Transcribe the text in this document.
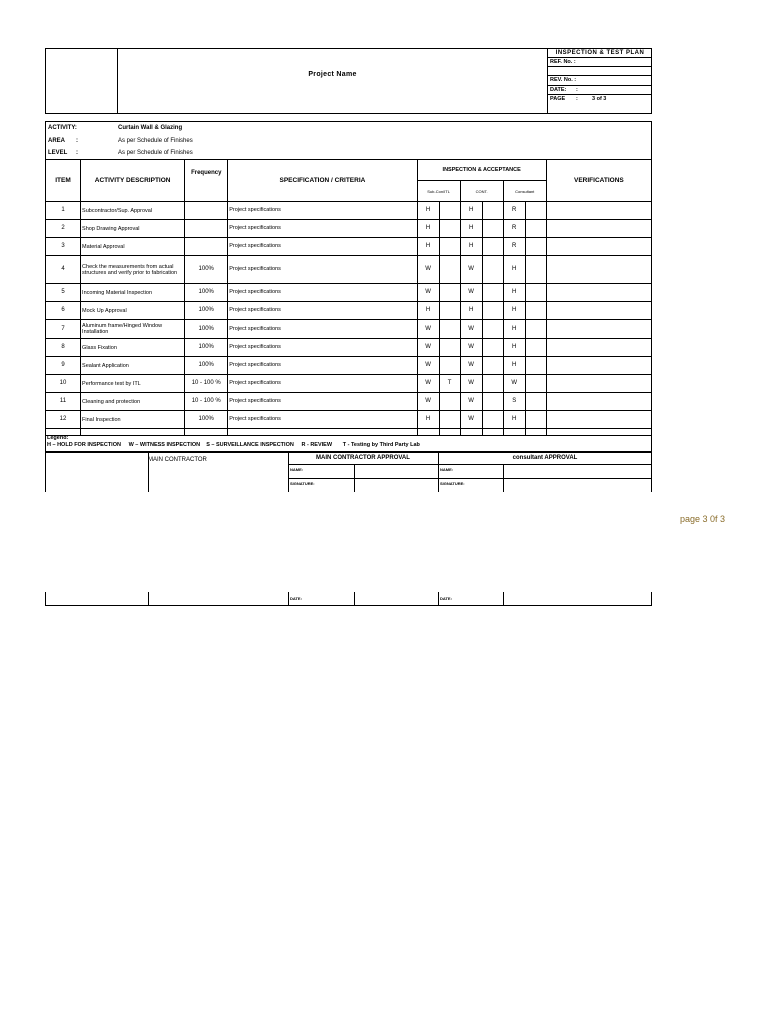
Project Name
INSPECTION & TEST PLAN
REF. No. :
REV. No. :
DATE: :
PAGE :	3 of 3
ACTIVITY:	Curtain Wall & Glazing
AREA :	As per Schedule of Finishes
LEVEL :	As per Schedule of Finishes
ITEM	ACTIVITY DESCRIPTION	Frequency	SPECIFICATION / CRITERIA	INSPECTION & ACCEPTANCE						VERIFICATIONS
				Sub-Con/ITL		CONT.		Consultant		
1	Subcontractor/Sup. Approval		Project specifications	H		H		R		
2	Shop Drawing Approval		Project specifications	H		H		R		
3	Material Approval		Project specifications	H		H		R		
4	Check the measurements from actual structures and verify prior to fabrication	100%	Project specifications	W		W		H		
5	Incoming Material Inspection	100%	Project specifications	W		W		H		
6	Mock Up Approval	100%	Project specifications	H		H		H		
7	Aluminum frame/Hinged Window Installation	100%	Project specifications	W		W		H		
8	Glass Fixation	100%	Project specifications	W		W		H		
9	Sealant Application	100%	Project specifications	W		W		H		
10	Performance test by ITL	10 - 100 %	Project specifications	W	T	W		W		
11	Cleaning and protection	10 - 100 %	Project specifications	W		W		S		
12	Final Inspection	100%	Project specifications	H		W		H		

Legend:
H – HOLD FOR INSPECTION     W – WITNESS INSPECTION    S – SURVEILLANCE INSPECTION     R - REVIEW       T - Testing by Third Party Lab
MAIN CONTRACTOR	MAIN CONTRACTOR APPROVAL	consultant APPROVAL
NAME:
SIGNATURE:
NAME:
SIGNATURE:
DATE:	DATE:
page 3 0f 3
